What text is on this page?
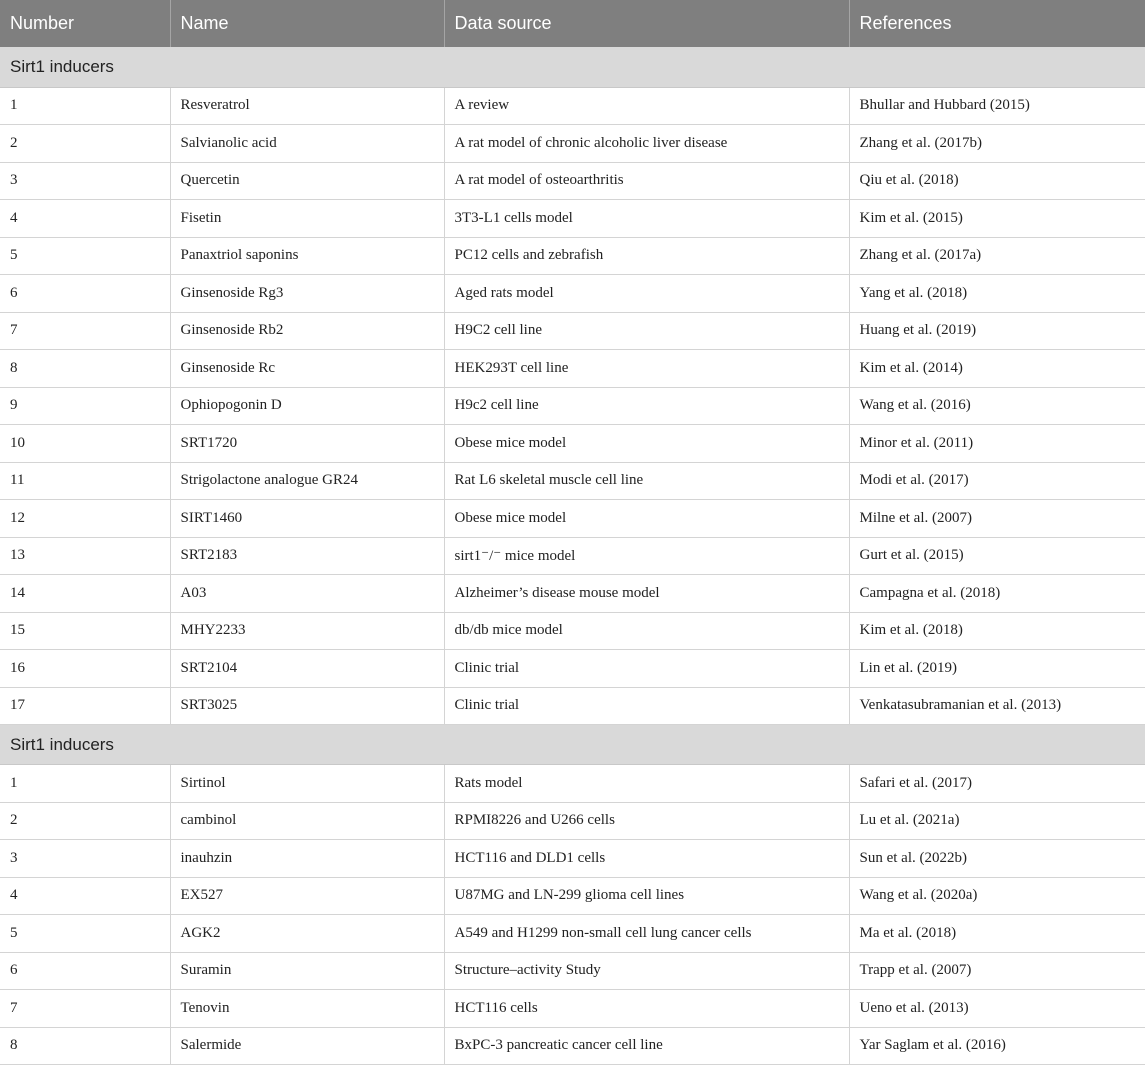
Number	Name	Data source	References
Sirt1 inducers			
1	Resveratrol	A review	Bhullar and Hubbard (2015)
2	Salvianolic acid	A rat model of chronic alcoholic liver disease	Zhang et al. (2017b)
3	Quercetin	A rat model of osteoarthritis	Qiu et al. (2018)
4	Fisetin	3T3-L1 cells model	Kim et al. (2015)
5	Panaxtriol saponins	PC12 cells and zebrafish	Zhang et al. (2017a)
6	Ginsenoside Rg3	Aged rats model	Yang et al. (2018)
7	Ginsenoside Rb2	H9C2 cell line	Huang et al. (2019)
8	Ginsenoside Rc	HEK293T cell line	Kim et al. (2014)
9	Ophiopogonin D	H9c2 cell line	Wang et al. (2016)
10	SRT1720	Obese mice model	Minor et al. (2011)
11	Strigolactone analogue GR24	Rat L6 skeletal muscle cell line	Modi et al. (2017)
12	SIRT1460	Obese mice model	Milne et al. (2007)
13	SRT2183	sirt1⁻/⁻ mice model	Gurt et al. (2015)
14	A03	Alzheimer’s disease mouse model	Campagna et al. (2018)
15	MHY2233	db/db mice model	Kim et al. (2018)
16	SRT2104	Clinic trial	Lin et al. (2019)
17	SRT3025	Clinic trial	Venkatasubramanian et al. (2013)
Sirt1 inducers			
1	Sirtinol	Rats model	Safari et al. (2017)
2	cambinol	RPMI8226 and U266 cells	Lu et al. (2021a)
3	inauhzin	HCT116 and DLD1 cells	Sun et al. (2022b)
4	EX527	U87MG and LN-299 glioma cell lines	Wang et al. (2020a)
5	AGK2	A549 and H1299 non-small cell lung cancer cells	Ma et al. (2018)
6	Suramin	Structure–activity Study	Trapp et al. (2007)
7	Tenovin	HCT116 cells	Ueno et al. (2013)
8	Salermide	BxPC-3 pancreatic cancer cell line	Yar Saglam et al. (2016)
